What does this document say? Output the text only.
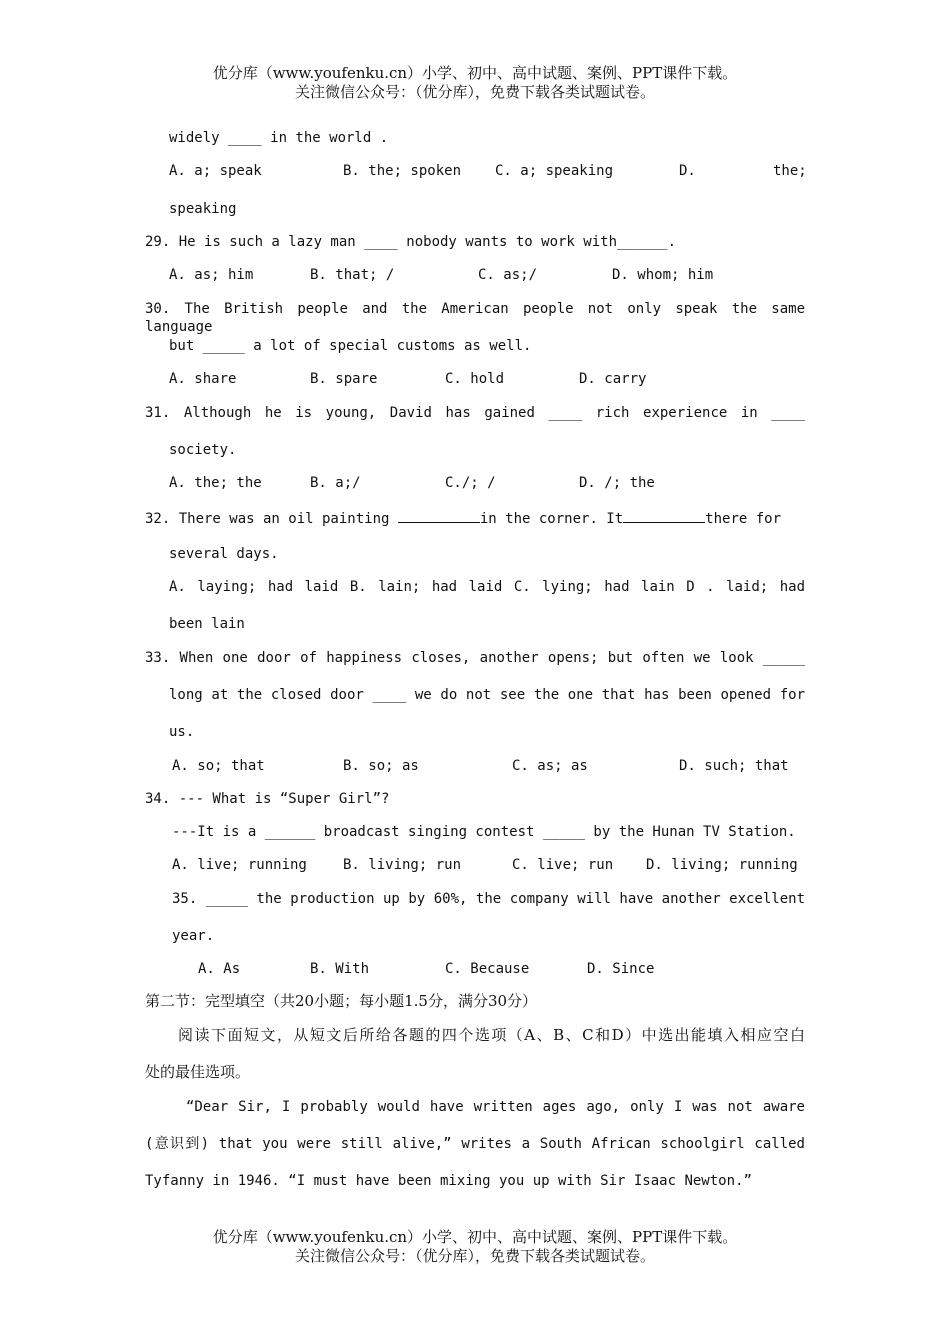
优分库（www.youfenku.cn）小学、初中、高中试题、案例、PPT课件下载。
关注微信公众号：（优分库），免费下载各类试题试卷。
widely ____ in the world .
A. a; speak	B. the; spoken C. a; speaking	D.	the;
speaking
29. He is such a lazy man ____ nobody wants to work with______.
A. as; him	B. that; /	C. as;/	D. whom; him
30. The British people and the American people not only speak the same language
but _____ a lot of special customs as well.
A. share	B. spare	C. hold	D. carry
31. Although he is young, David has gained ____ rich experience in ____
society.
A. the; the	B. a;/	C./; /	D. /; the
32. There was an oil painting	in the corner. It	there for
several days.
A. laying; had laid B. lain; had laid C. lying; had lain D . laid; had
been lain
33. When one door of happiness closes, another opens; but often we look _____
long at the closed door ____ we do not see the one that has been opened for
us.
A. so; that	B. so; as	C. as; as	D. such; that
34. --- What is “Super Girl”?
---It is a ______ broadcast singing contest _____ by the Hunan TV Station.
A. live; running	B. living; run	C. live; run D. living; running
35. _____ the production up by 60%, the company will have another excellent
year.
A. As	B. With	C. Because	D. Since
第二节：完型填空（共20小题；每小题1.5分，满分30分）
阅读下面短文，从短文后所给各题的四个选项（A、B、C和D）中选出能填入相应空白
处的最佳选项。
“Dear Sir, I probably would have written ages ago, only I was not aware
(意识到) that you were still alive,” writes a South African schoolgirl called
Tyfanny in 1946. “I must have been mixing you up with Sir Isaac Newton.”
优分库（www.youfenku.cn）小学、初中、高中试题、案例、PPT课件下载。
关注微信公众号：（优分库），免费下载各类试题试卷。
